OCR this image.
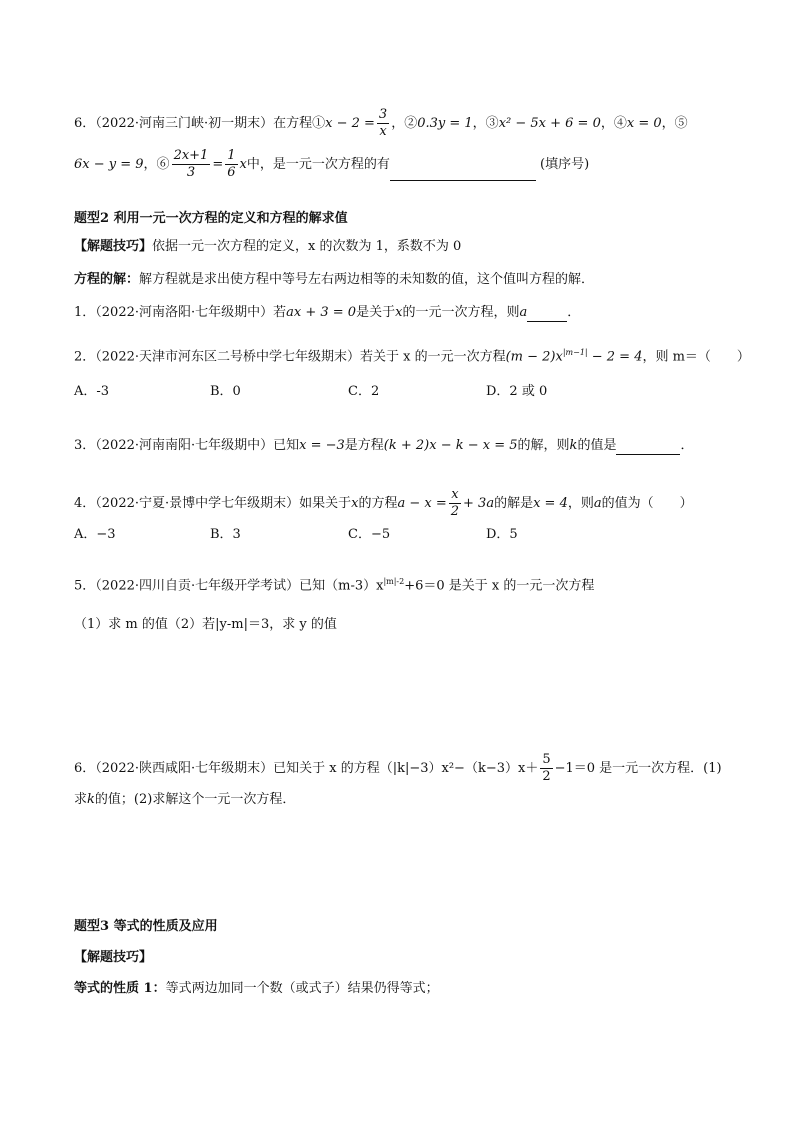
6．（2022·河南三门峡·初一期末）在方程①x − $2 = \frac{3}{x}$ ，②0.3y = 1，③x² − 5x + 6 = 0，④x = 0，⑤
6x − y = 9，⑥ $\frac{2x+1}{3} = \frac{1}{6}$ x中，是一元一次方程的有	(填序号)
题型2 利用一元一次方程的定义和方程的解求值
【解题技巧】依据一元一次方程的定义，x 的次数为 1，系数不为 0
方程的解：解方程就是求出使方程中等号左右两边相等的未知数的值，这个值叫方程的解．
1．（2022·河南洛阳·七年级期中）若ax + 3 = 0是关于x的一元一次方程，则a	．
2．（2022·天津市河东区二号桥中学七年级期末）若关于 x 的一元一次方程$(m - 2)x^{|m-1|} - 2 = 4$，则 m＝（　　）
A．-3	B．0	C．2	D．2 或 0
3．（2022·河南南阳·七年级期中）已知x = −3是方程(k + 2)x − k − x = 5的解，则k的值是	．
4．（2022·宁夏·景博中学七年级期末）如果关于x的方程$a - x = \frac{x}{2} + 3a$的解是x = 4，则a的值为（　　）
A．−3	B．3	C．−5	D．5
5．（2022·四川自贡·七年级开学考试）已知$(m-3)x^{|m|-2}+6=0$ 是关于 x 的一元一次方程
（1）求 m 的值（2）若|y-m|＝3，求 y 的值
6．（2022·陕西咸阳·七年级期末）已知关于 x 的方程$(|k|-3)x^2-(k-3)x+ \frac{5}{2} -1=0$ 是一元一次方程．(1)
求k的值；(2)求解这个一元一次方程．
题型3 等式的性质及应用
【解题技巧】
等式的性质 1：等式两边加同一个数（或式子）结果仍得等式；
